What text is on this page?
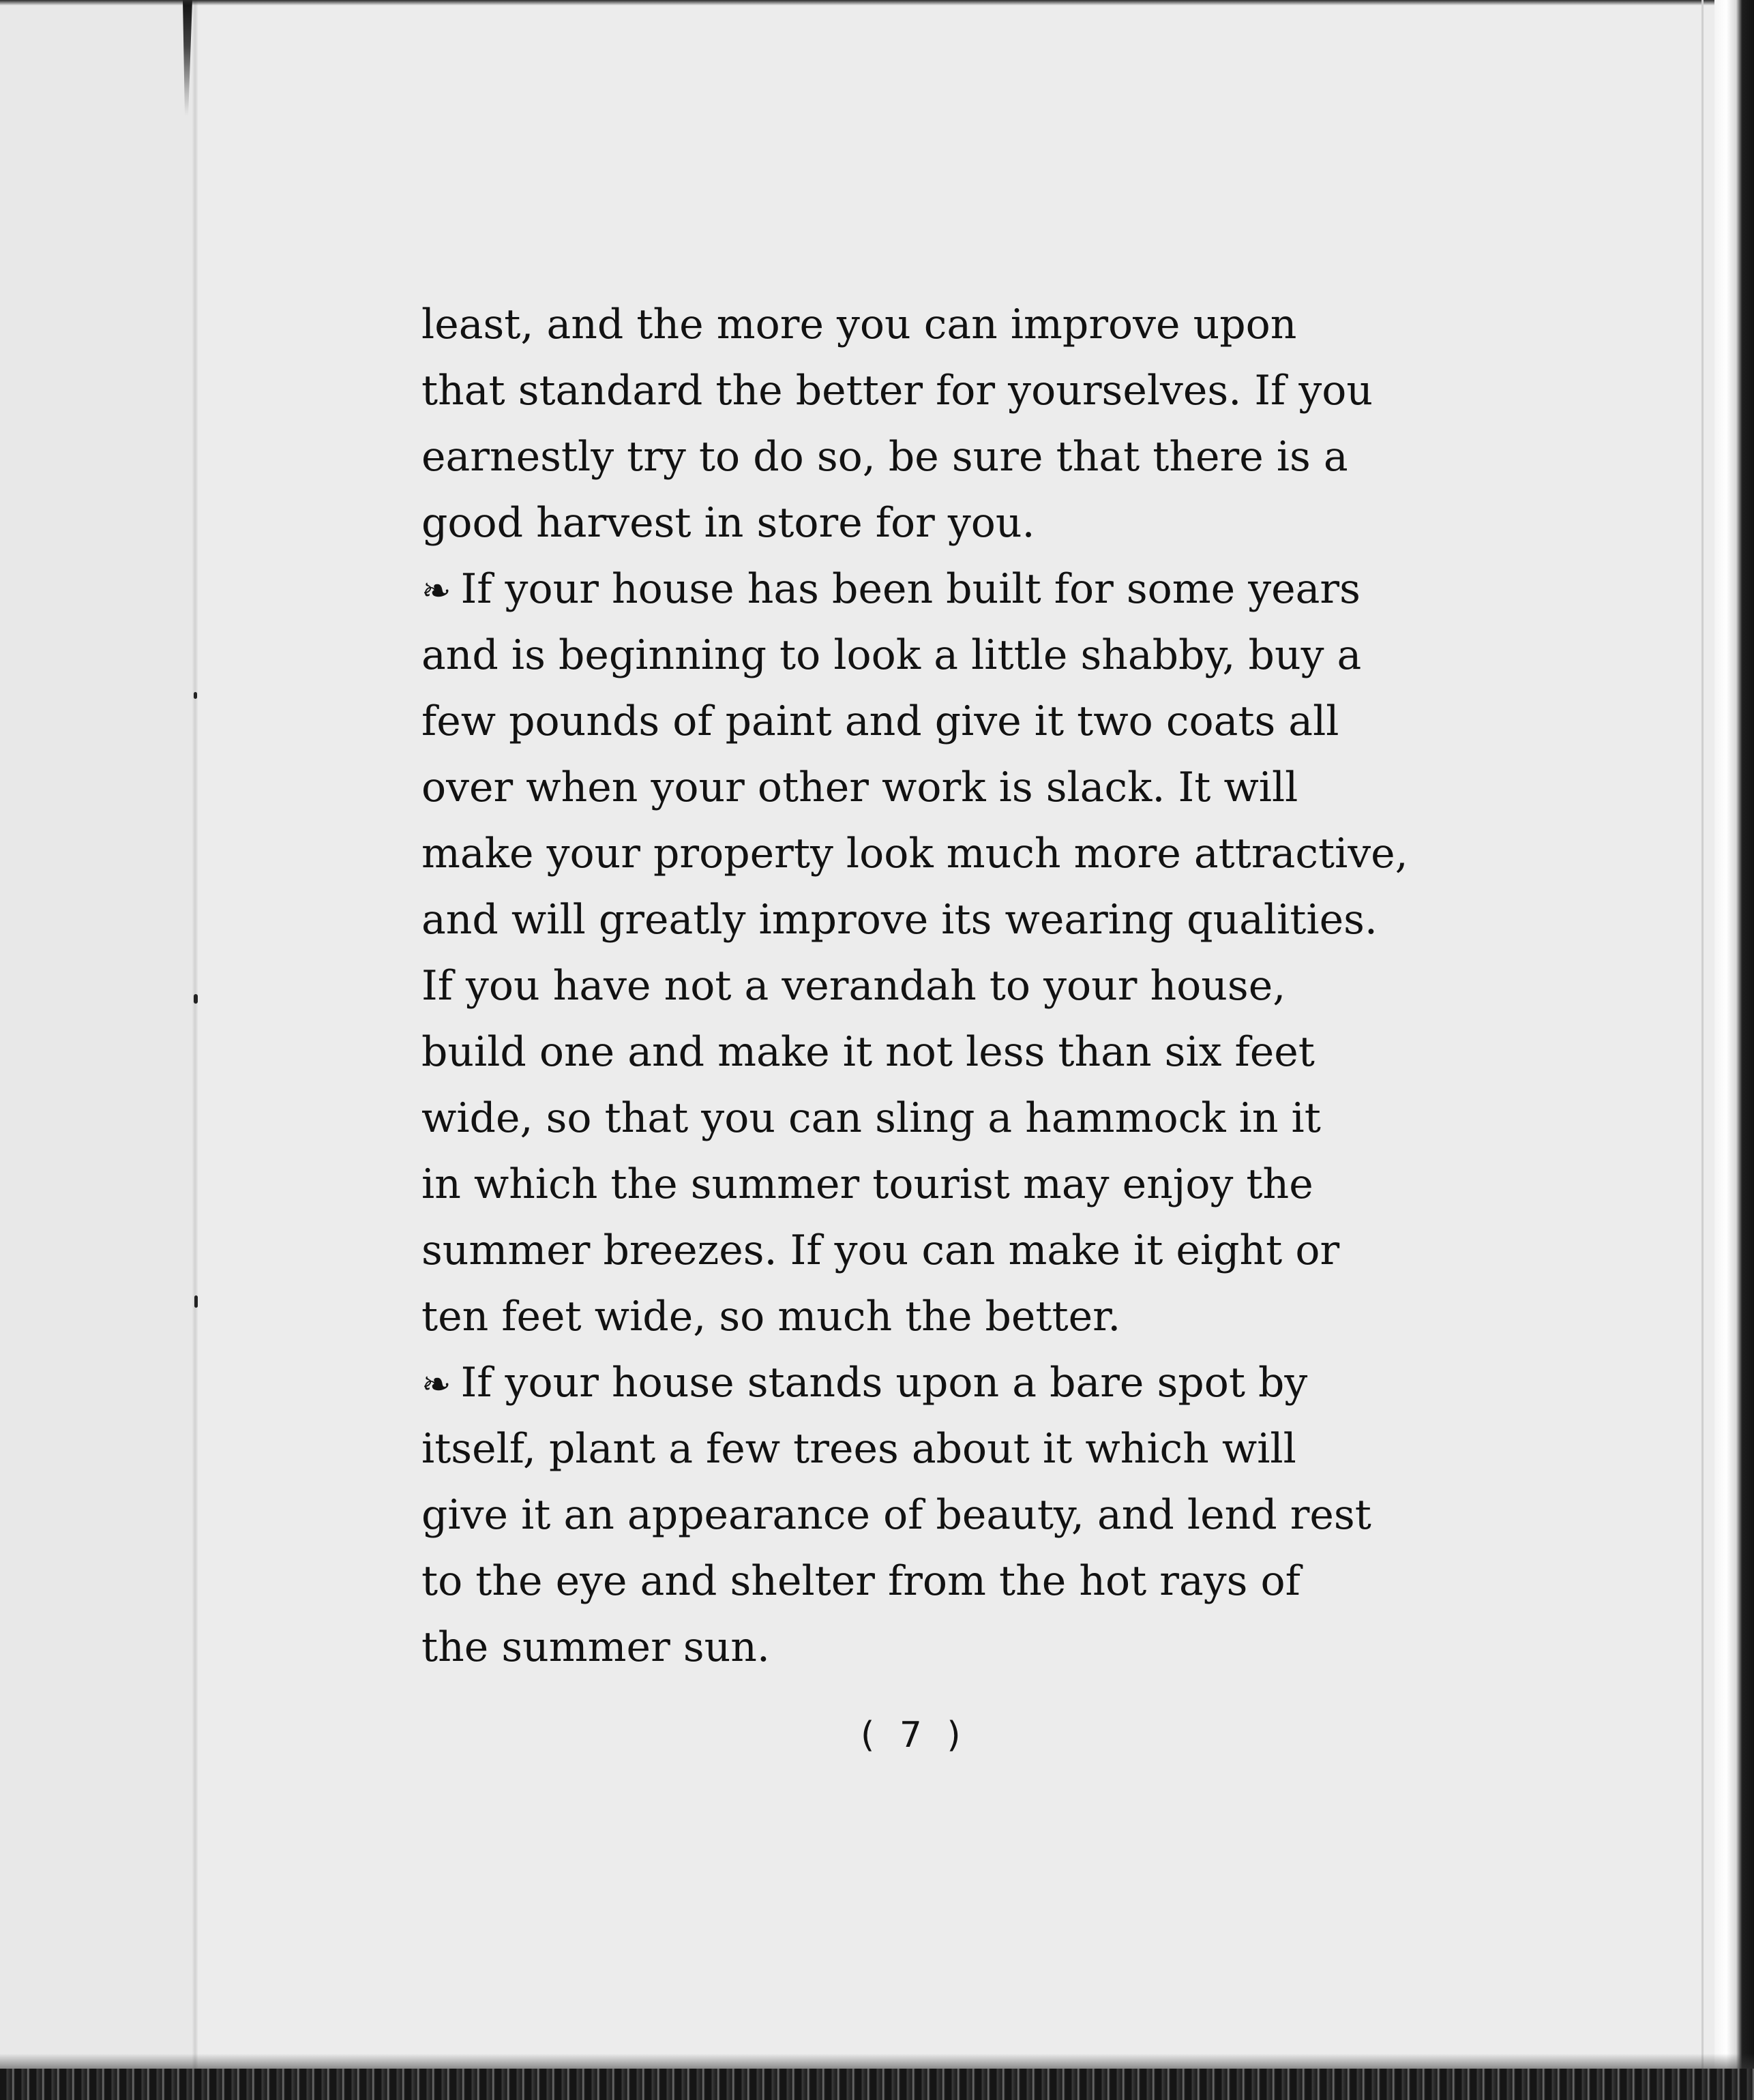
least, and the more you can improve upon
that standard the better for yourselves. If you
earnestly try to do so, be sure that there is a
good harvest in store for you.
❧ If your house has been built for some years
and is beginning to look a little shabby, buy a
few pounds of paint and give it two coats all
over when your other work is slack. It will
make your property look much more attractive,
and will greatly improve its wearing qualities.
If you have not a verandah to your house,
build one and make it not less than six feet
wide, so that you can sling a hammock in it
in which the summer tourist may enjoy the
summer breezes. If you can make it eight or
ten feet wide, so much the better.
❧ If your house stands upon a bare spot by
itself, plant a few trees about it which will
give it an appearance of beauty, and lend rest
to the eye and shelter from the hot rays of
the summer sun.
( 7 )
